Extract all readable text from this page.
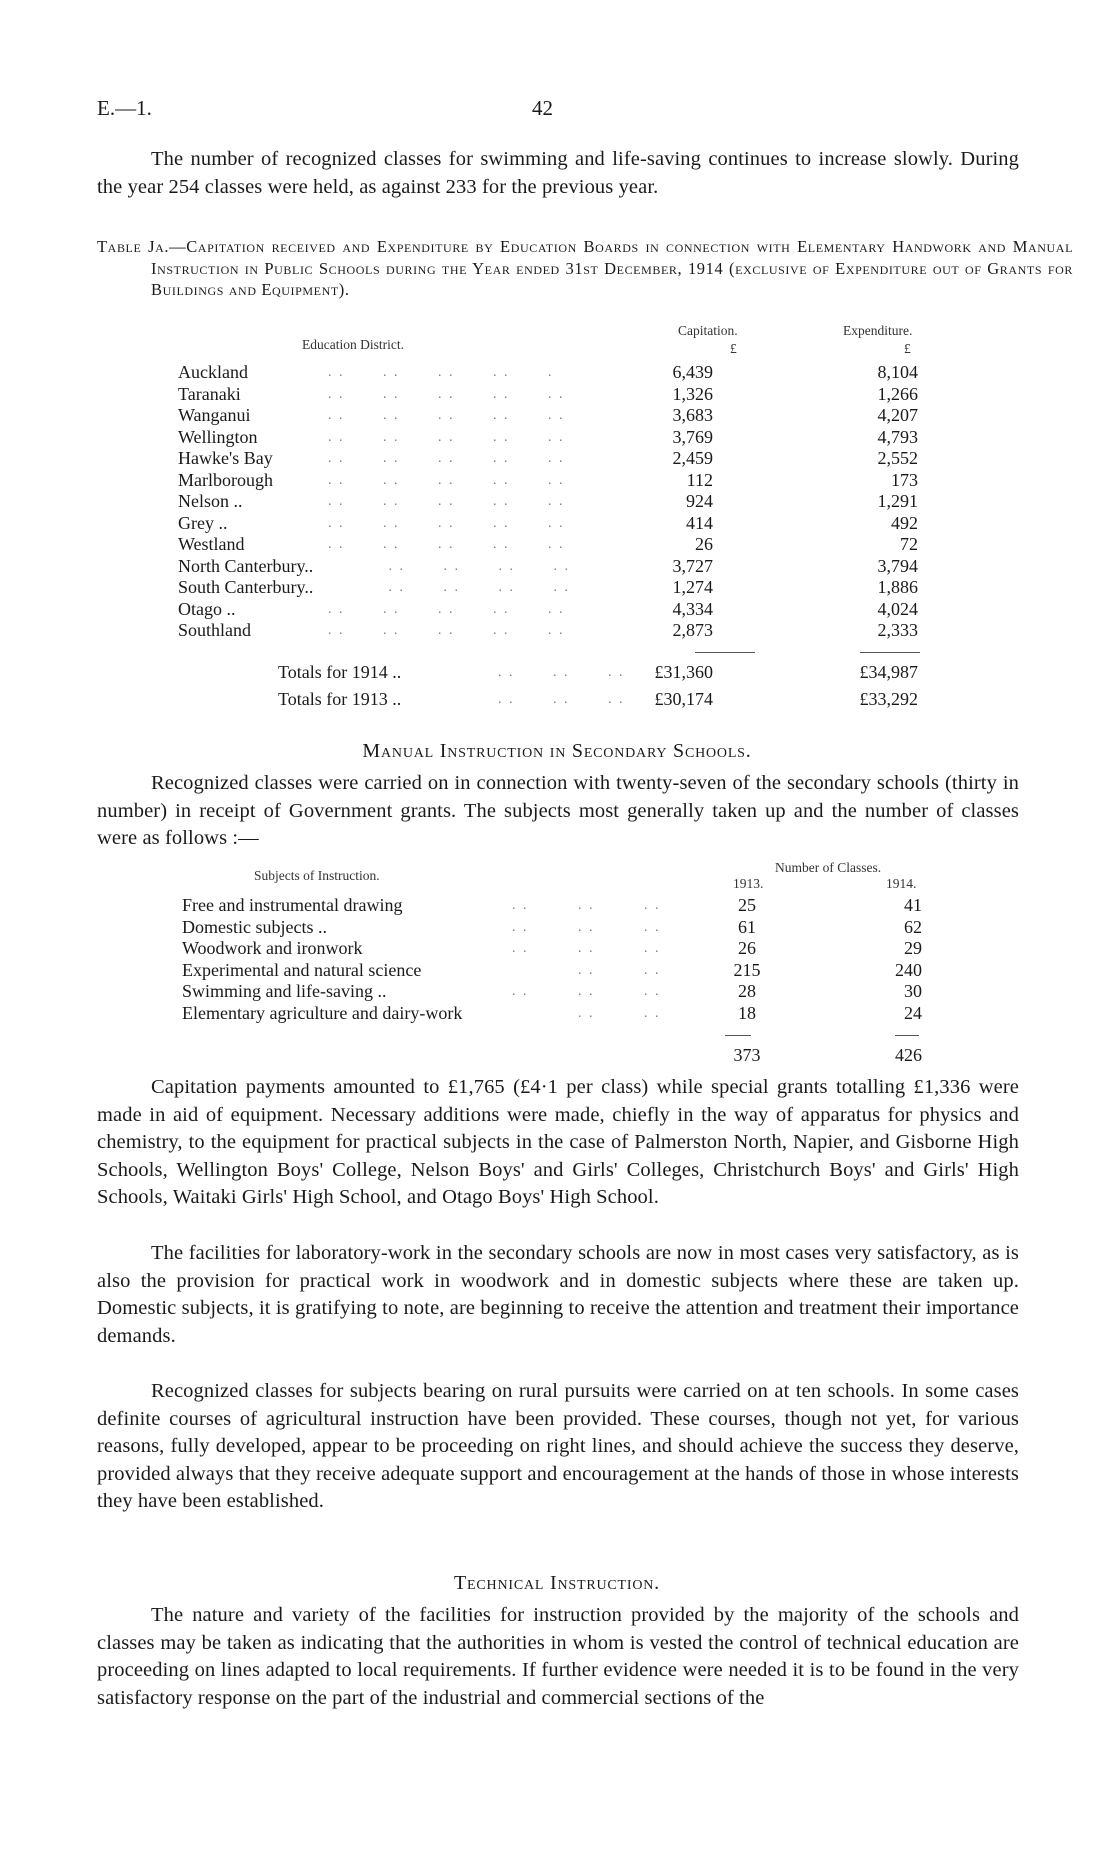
E.—1.	42
The number of recognized classes for swimming and life-saving continues to increase slowly. During the year 254 classes were held, as against 233 for the previous year.
Table Ja.—Capitation received and Expenditure by Education Boards in connection with Elementary Handwork and Manual Instruction in Public Schools during the Year ended 31st December, 1914 (exclusive of Expenditure out of Grants for Buildings and Equipment).
Education District.
Capitation.	Expenditure.
£	£
Auckland	. .       . .       . .       . .       .	6,439	8,104
Taranaki	. .       . .       . .       . .       . .	1,326	1,266
Wanganui	. .       . .       . .       . .       . .	3,683	4,207
Wellington	. .       . .       . .       . .       . .	3,769	4,793
Hawke's Bay	. .       . .       . .       . .       . .	2,459	2,552
Marlborough	. .       . .       . .       . .       . .	112	173
Nelson ..	. .       . .       . .       . .       . .	924	1,291
Grey ..	. .       . .       . .       . .       . .	414	492
Westland	. .       . .       . .       . .       . .	26	72
North Canterbury.. . .       . .       . .       . .	3,727	3,794
South Canterbury.. . .       . .       . .       . .	1,274	1,886
Otago ..	. .       . .       . .       . .       . .	4,334	4,024
Southland	. .       . .       . .       . .       . .	2,873	2,333
Totals for 1914 ..	. .       . .       . .	£31,360	£34,987
Totals for 1913 ..	. .       . .       . .	£30,174	£33,292
Manual Instruction in Secondary Schools.
Recognized classes were carried on in connection with twenty-seven of the secondary schools (thirty in number) in receipt of Government grants. The subjects most generally taken up and the number of classes were as follows :—
Subjects of Instruction.
Number of Classes.
1913.	1914.
Free and instrumental drawing	. .         . .         . .	25	41
Domestic subjects ..	. .         . .         . .	61	62
Woodwork and ironwork	. .         . .         . .	26	29
Experimental and natural science	. .         . .	215	240
Swimming and life-saving ..	. .         . .         . .	28	30
Elementary agriculture and dairy-work	. .         . .	18	24
373	426
Capitation payments amounted to £1,765 (£4·1 per class) while special grants totalling £1,336 were made in aid of equipment. Necessary additions were made, chiefly in the way of apparatus for physics and chemistry, to the equipment for practical subjects in the case of Palmerston North, Napier, and Gisborne High Schools, Wellington Boys' College, Nelson Boys' and Girls' Colleges, Christchurch Boys' and Girls' High Schools, Waitaki Girls' High School, and Otago Boys' High School.
The facilities for laboratory-work in the secondary schools are now in most cases very satisfactory, as is also the provision for practical work in woodwork and in domestic subjects where these are taken up. Domestic subjects, it is gratifying to note, are beginning to receive the attention and treatment their importance demands.
Recognized classes for subjects bearing on rural pursuits were carried on at ten schools. In some cases definite courses of agricultural instruction have been provided. These courses, though not yet, for various reasons, fully developed, appear to be proceeding on right lines, and should achieve the success they deserve, provided always that they receive adequate support and encouragement at the hands of those in whose interests they have been established.
Technical Instruction.
The nature and variety of the facilities for instruction provided by the majority of the schools and classes may be taken as indicating that the authorities in whom is vested the control of technical education are proceeding on lines adapted to local requirements. If further evidence were needed it is to be found in the very satisfactory response on the part of the industrial and commercial sections of the
